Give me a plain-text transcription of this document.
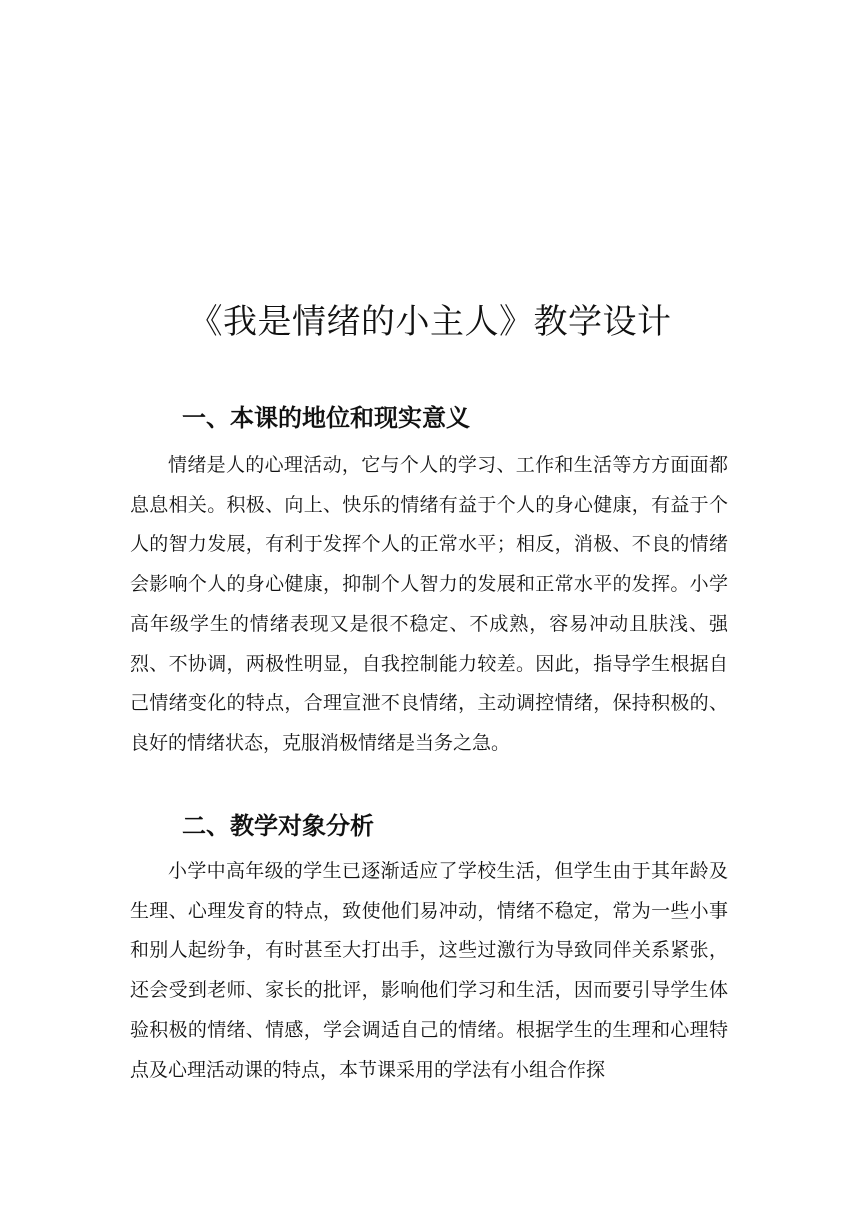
《我是情绪的小主人》教学设计
一、本课的地位和现实意义

情绪是人的心理活动，它与个人的学习、工作和生活等方方面面都息息相关。积极、向上、快乐的情绪有益于个人的身心健康，有益于个人的智力发展，有利于发挥个人的正常水平；相反，消极、不良的情绪会影响个人的身心健康，抑制个人智力的发展和正常水平的发挥。小学高年级学生的情绪表现又是很不稳定、不成熟，容易冲动且肤浅、强烈、不协调，两极性明显，自我控制能力较差。因此，指导学生根据自己情绪变化的特点，合理宣泄不良情绪，主动调控情绪，保持积极的、良好的情绪状态，克服消极情绪是当务之急。

二、教学对象分析

小学中高年级的学生已逐渐适应了学校生活，但学生由于其年龄及生理、心理发育的特点，致使他们易冲动，情绪不稳定，常为一些小事和别人起纷争，有时甚至大打出手，这些过激行为导致同伴关系紧张，还会受到老师、家长的批评，影响他们学习和生活，因而要引导学生体验积极的情绪、情感，学会调适自己的情绪。根据学生的生理和心理特点及心理活动课的特点，本节课采用的学法有小组合作探
